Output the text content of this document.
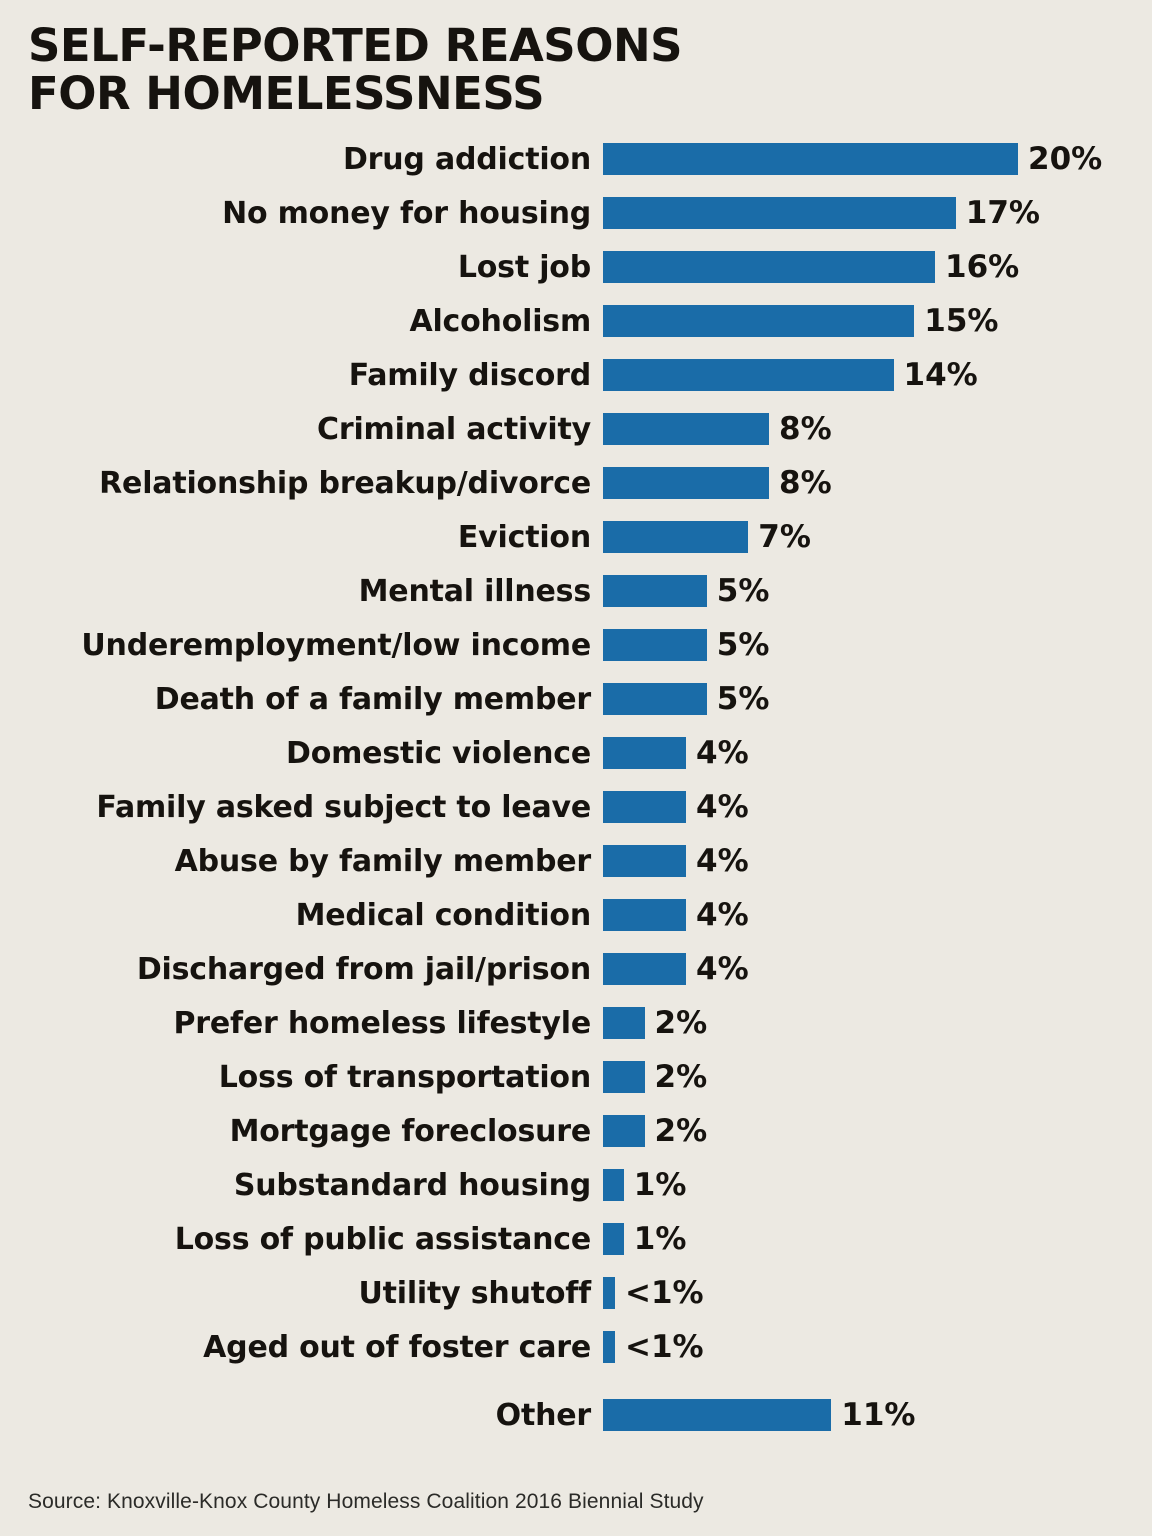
SELF-REPORTED REASONS
FOR HOMELESSNESS
Drug addiction	20%
No money for housing	17%
Lost job	16%
Alcoholism	15%
Family discord	14%
Criminal activity	8%
Relationship breakup/divorce	8%
Eviction	7%
Mental illness	5%
Underemployment/low income	5%
Death of a family member	5%
Domestic violence	4%
Family asked subject to leave	4%
Abuse by family member	4%
Medical condition	4%
Discharged from jail/prison	4%
Prefer homeless lifestyle	2%
Loss of transportation	2%
Mortgage foreclosure	2%
Substandard housing	1%
Loss of public assistance	1%
Utility shutoff	<1%
Aged out of foster care	<1%
Other	11%
Source: Knoxville-Knox County Homeless Coalition 2016 Biennial Study
